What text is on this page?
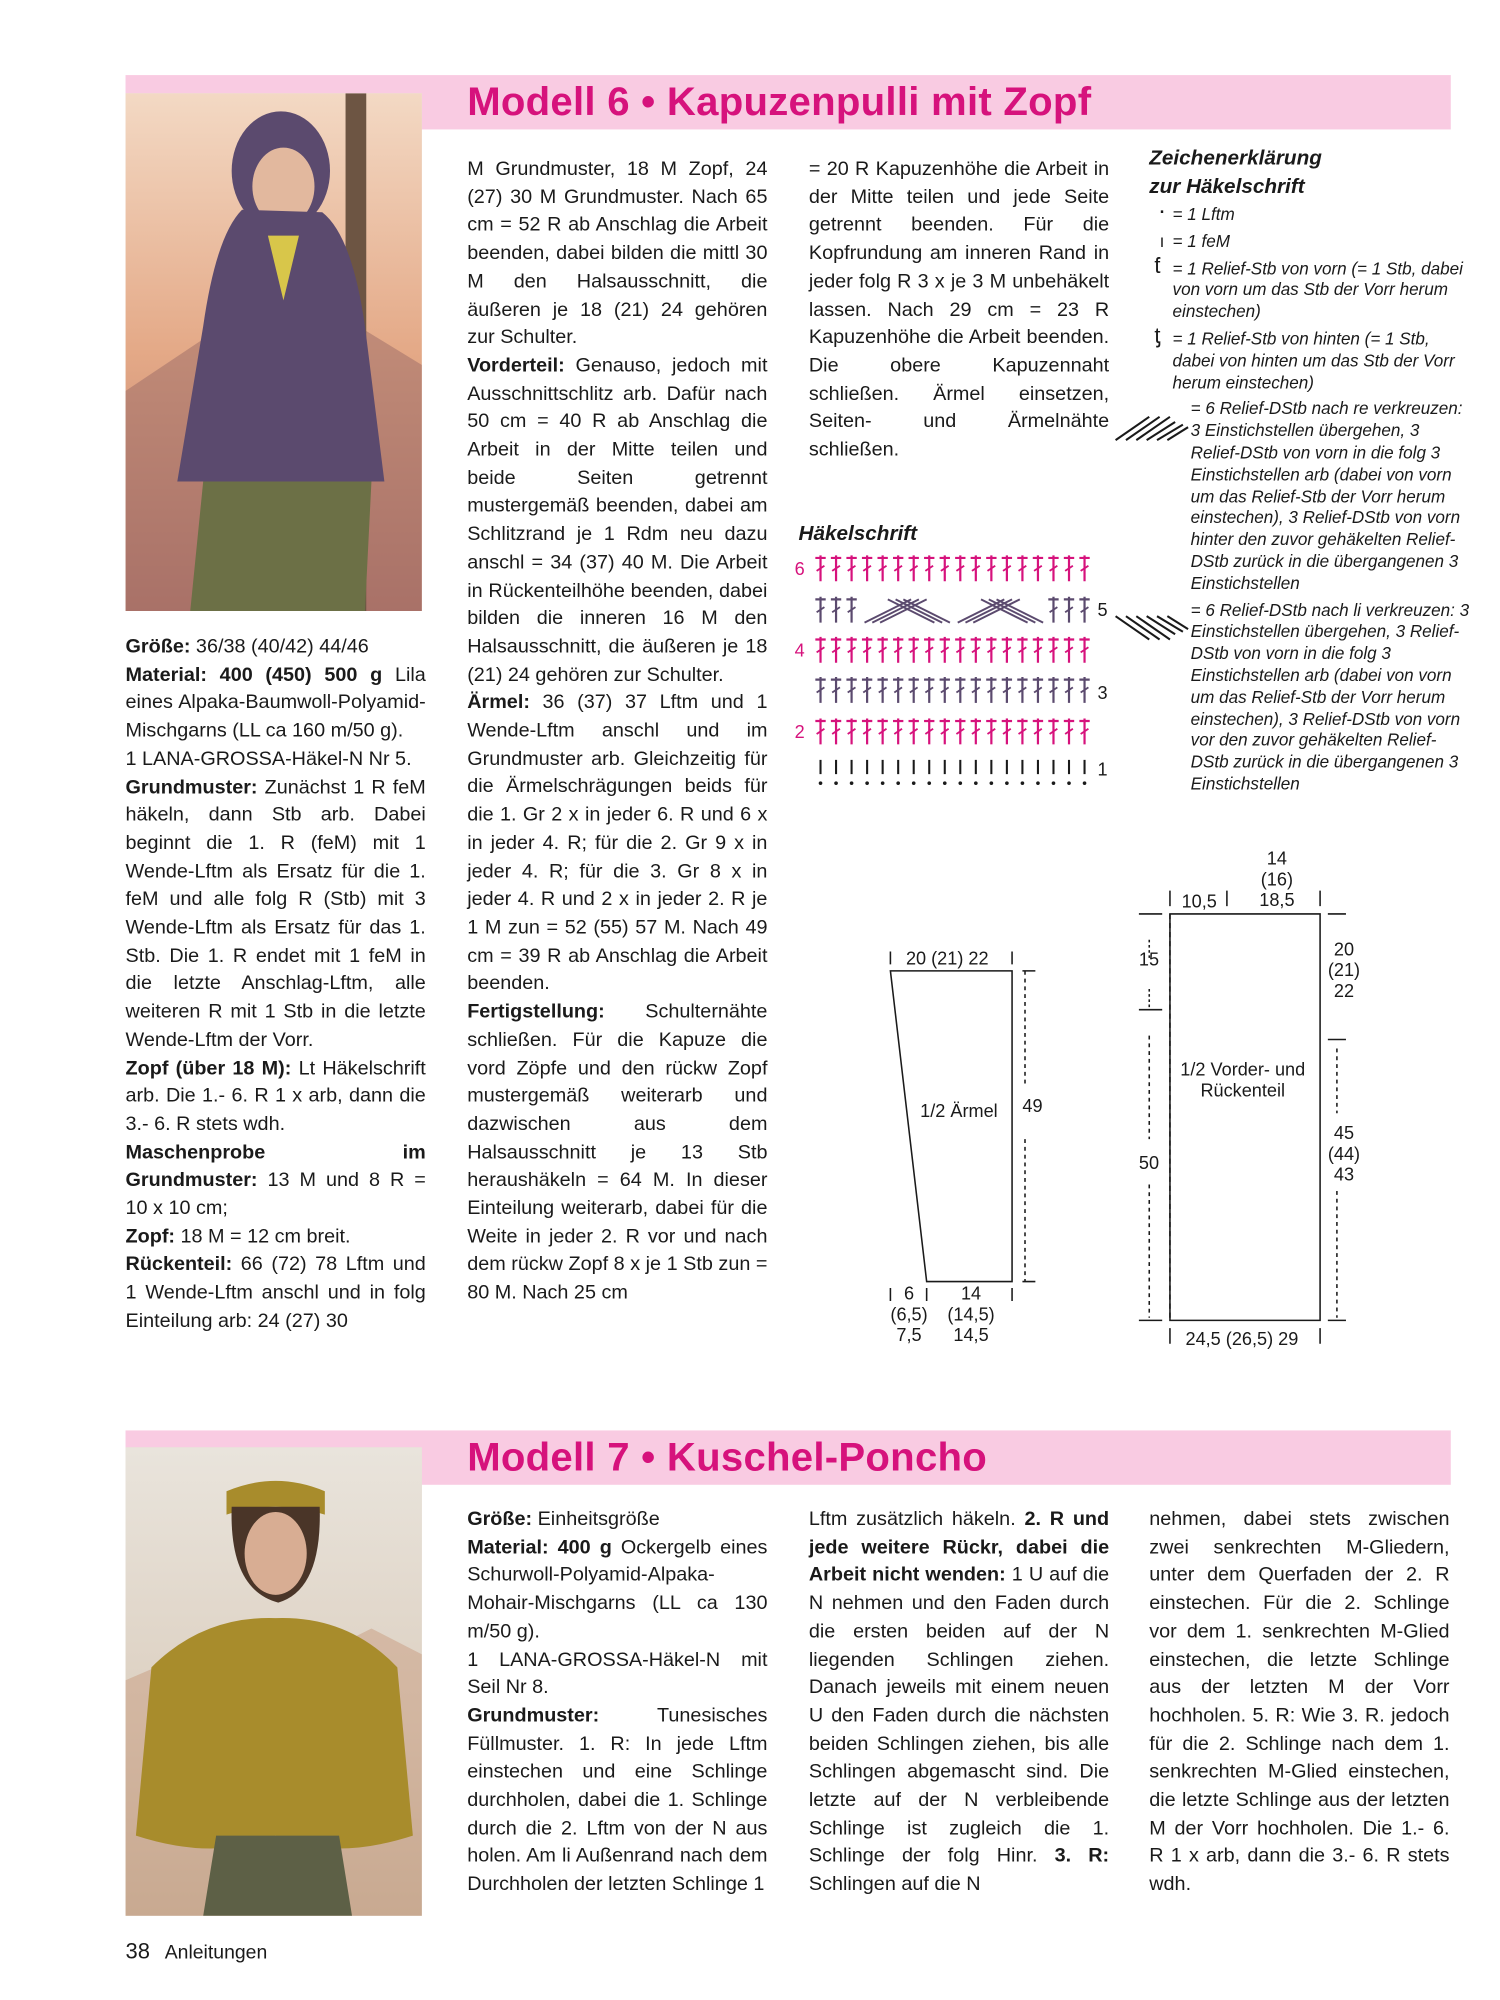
Modell 6 • Kapuzenpulli mit Zopf

Größe: 36/38 (40/42) 44/46

Material: 400 (450) 500 g Lila eines Alpaka-Baumwoll-Polyamid-Mischgarns (LL ca 160 m/50 g).

1 LANA-GROSSA-Häkel-N Nr 5.

Grundmuster: Zunächst 1 R feM häkeln, dann Stb arb. Dabei beginnt die 1. R (feM) mit 1 Wende-Lftm als Ersatz für die 1. feM und alle folg R (Stb) mit 3 Wende-Lftm als Ersatz für das 1. Stb. Die 1. R endet mit 1 feM in die letzte Anschlag-Lftm, alle weiteren R mit 1 Stb in die letzte Wende-Lftm der Vorr.

Zopf (über 18 M): Lt Häkelschrift arb. Die 1.- 6. R 1 x arb, dann die 3.- 6. R stets wdh.

Maschenprobe im Grundmuster: 13 M und 8 R = 10 x 10 cm;

Zopf: 18 M = 12 cm breit.

Rückenteil: 66 (72) 78 Lftm und 1 Wende-Lftm anschl und in folg Einteilung arb: 24 (27) 30

M Grundmuster, 18 M Zopf, 24 (27) 30 M Grundmuster. Nach 65 cm = 52 R ab Anschlag die Arbeit beenden, dabei bilden die mittl 30 M den Halsausschnitt, die äußeren je 18 (21) 24 gehören zur Schulter.

Vorderteil: Genauso, jedoch mit Ausschnittschlitz arb. Dafür nach 50 cm = 40 R ab Anschlag die Arbeit in der Mitte teilen und beide Seiten getrennt mustergemäß beenden, dabei am Schlitzrand je 1 Rdm neu dazu anschl = 34 (37) 40 M. Die Arbeit in Rückenteilhöhe beenden, dabei bilden die inneren 16 M den Halsausschnitt, die äußeren je 18 (21) 24 gehören zur Schulter.

Ärmel: 36 (37) 37 Lftm und 1 Wende-Lftm anschl und im Grundmuster arb. Gleichzeitig für die Ärmelschrägungen beids für die 1. Gr 2 x in jeder 6. R und 6 x in jeder 4. R; für die 2. Gr 9 x in jeder 4. R; für die 3. Gr 8 x in jeder 4. R und 2 x in jeder 2. R je 1 M zun = 52 (55) 57 M. Nach 49 cm = 39 R ab Anschlag die Arbeit beenden.

Fertigstellung: Schulternähte schließen. Für die Kapuze die vord Zöpfe und den rückw Zopf mustergemäß weiterarb und dazwischen aus dem Halsausschnitt je 13 Stb heraushäkeln = 64 M. In dieser Einteilung weiterarb, dabei für die Weite in jeder 2. R vor und nach dem rückw Zopf 8 x je 1 Stb zun = 80 M. Nach 25 cm

= 20 R Kapuzenhöhe die Arbeit in der Mitte teilen und jede Seite getrennt beenden. Für die Kopfrundung am inneren Rand in jeder folg R 3 x je 3 M unbehäkelt lassen. Nach 29 cm = 23 R Kapuzenhöhe die Arbeit beenden. Die obere Kapuzennaht schließen. Ärmel einsetzen, Seiten- und Ärmelnähte schließen.

Zeichenerklärung
zur Häkelschrift
· = 1 Lftm
ı = 1 feM
ƭ = 1 Relief-Stb von vorn (= 1 Stb, dabei von vorn um das Stb der Vorr herum einstechen)
ƫ = 1 Relief-Stb von hinten (= 1 Stb, dabei von hinten um das Stb der Vorr herum einstechen)
= 6 Relief-DStb nach re verkreuzen: 3 Einstichstellen übergehen, 3 Relief-DStb von vorn in die folg 3 Einstichstellen arb (dabei von vorn um das Relief-Stb der Vorr herum einstechen), 3 Relief-DStb von vorn hinter den zuvor gehäkelten Relief-DStb zurück in die übergangenen 3 Einstichstellen
= 6 Relief-DStb nach li verkreuzen: 3 Einstichstellen übergehen, 3 Relief-DStb von vorn in die folg 3 Einstichstellen arb (dabei von vorn um das Relief-Stb der Vorr herum einstechen), 3 Relief-DStb von vorn vor den zuvor gehäkelten Relief-DStb zurück in die übergangenen 3 Einstichstellen
Häkelschrift
6
4
2
5
3
1
20 (21) 22
1/2 Ärmel 49
6
(6,5)
7,5
14
(14,5)
14,5
10,5
14
(16)
18,5
15
50
20
(21)
22
45
(44)
43
1/2 Vorder- und
Rückenteil
24,5 (26,5) 29
Modell 7 • Kuschel-Poncho

Größe: Einheitsgröße

Material: 400 g Ockergelb eines Schurwoll-Polyamid-Alpaka-Mohair-Mischgarns (LL ca 130 m/50 g).

1 LANA-GROSSA-Häkel-N mit Seil Nr 8.

Grundmuster: Tunesisches Füllmuster. 1. R: In jede Lftm einstechen und eine Schlinge durchholen, dabei die 1. Schlinge durch die 2. Lftm von der N aus holen. Am li Außenrand nach dem Durchholen der letzten Schlinge 1

Lftm zusätzlich häkeln. 2. R und jede weitere Rückr, dabei die Arbeit nicht wenden: 1 U auf die N nehmen und den Faden durch die ersten beiden auf der N liegenden Schlingen ziehen. Danach jeweils mit einem neuen U den Faden durch die nächsten beiden Schlingen ziehen, bis alle Schlingen abgemascht sind. Die letzte auf der N verbleibende Schlinge ist zugleich die 1. Schlinge der folg Hinr. 3. R: Schlingen auf die N

nehmen, dabei stets zwischen zwei senkrechten M-Gliedern, unter dem Querfaden der 2. R einstechen. Für die 2. Schlinge vor dem 1. senkrechten M-Glied einstechen, die letzte Schlinge aus der letzten M der Vorr hochholen. 5. R: Wie 3. R. jedoch für die 2. Schlinge nach dem 1. senkrechten M-Glied einstechen, die letzte Schlinge aus der letzten M der Vorr hochholen. Die 1.- 6. R 1 x arb, dann die 3.- 6. R stets wdh.

38 Anleitungen
